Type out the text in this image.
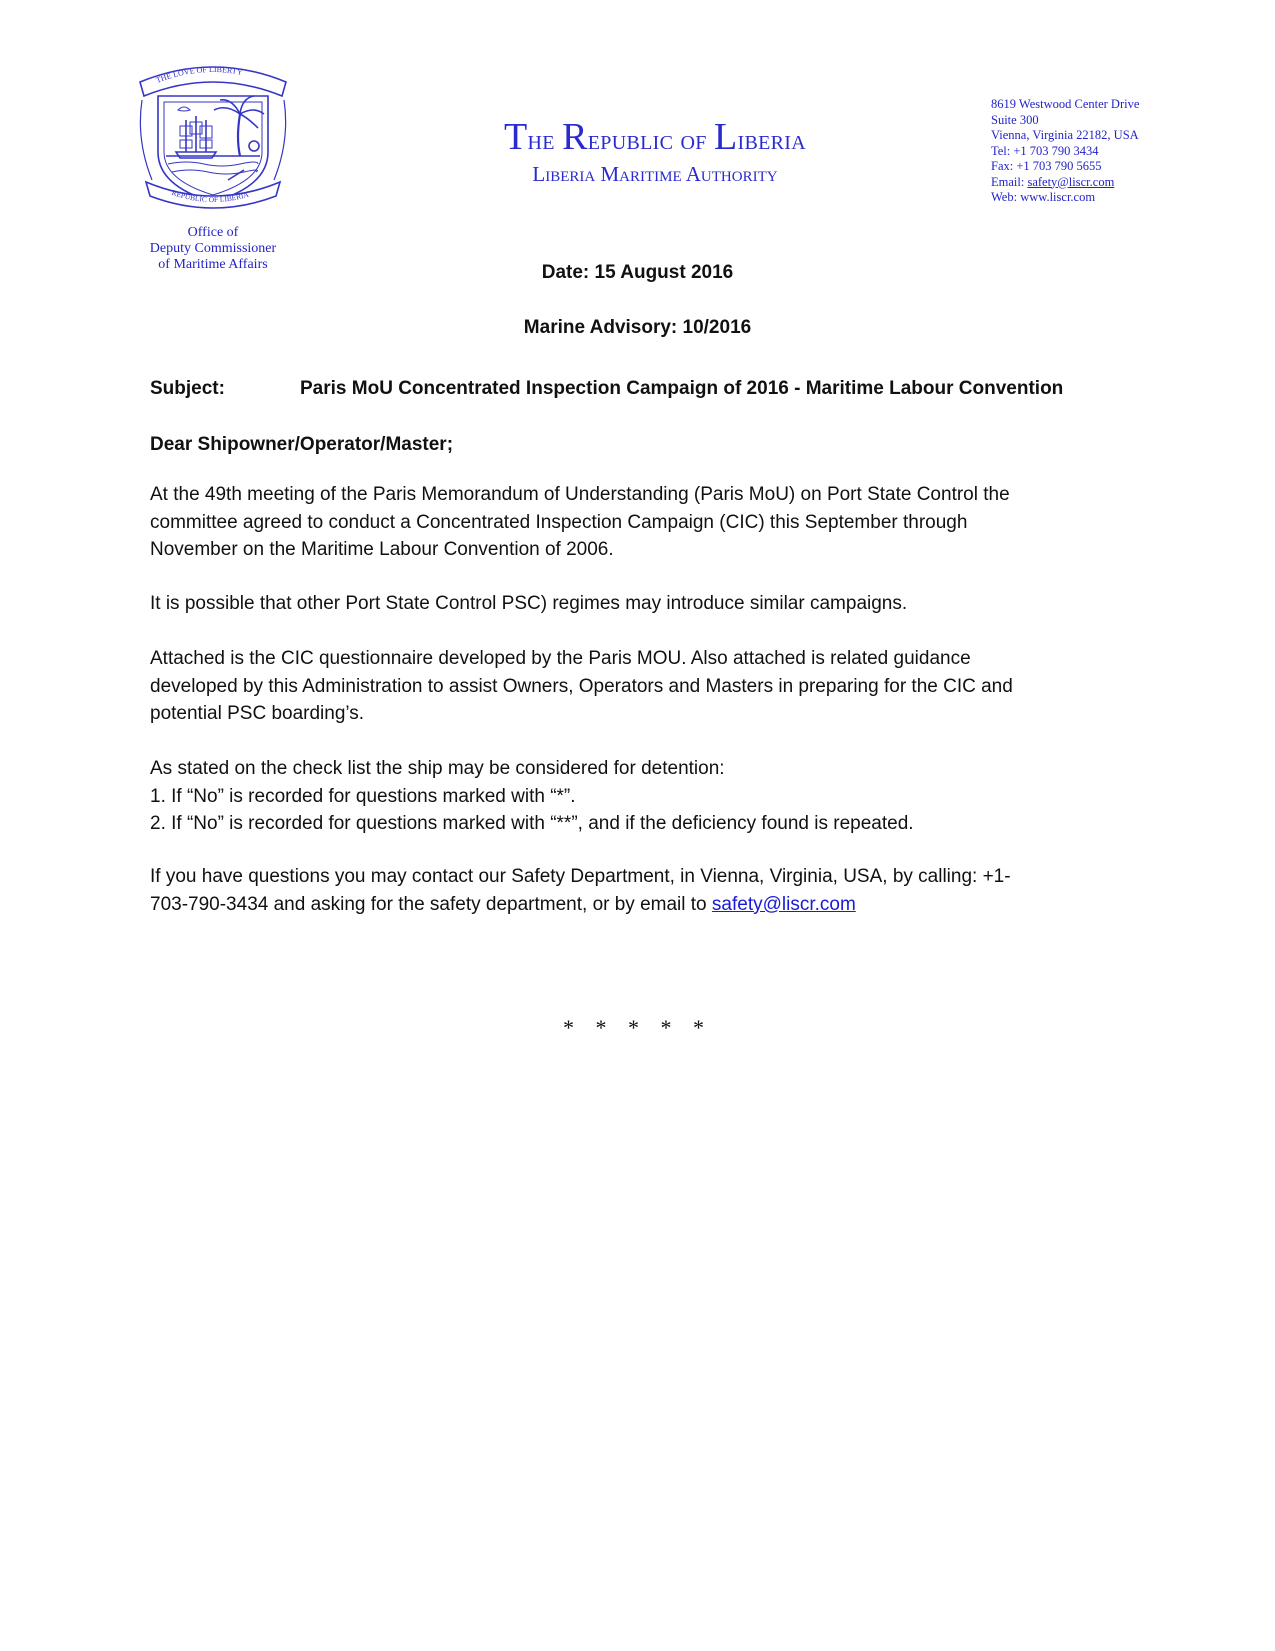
THE LOVE OF LIBERTY
REPUBLIC OF LIBERIA
Office of
Deputy Commissioner
of Maritime Affairs
The Republic of Liberia
Liberia Maritime Authority
8619 Westwood Center Drive
Suite 300
Vienna, Virginia 22182, USA
Tel: +1 703 790 3434
Fax: +1 703 790 5655
Email: safety@liscr.com
Web: www.liscr.com
Date: 15 August 2016
Marine Advisory: 10/2016
Subject:	Paris MoU Concentrated Inspection Campaign of 2016 - Maritime Labour Convention
Dear Shipowner/Operator/Master;
At the 49th meeting of the Paris Memorandum of Understanding (Paris MoU) on Port State Control the
committee agreed to conduct a Concentrated Inspection Campaign (CIC) this September through
November on the Maritime Labour Convention of 2006.
It is possible that other Port State Control PSC) regimes may introduce similar campaigns.
Attached is the CIC questionnaire developed by the Paris MOU. Also attached is related guidance
developed by this Administration to assist Owners, Operators and Masters in preparing for the CIC and
potential PSC boarding’s.
As stated on the check list the ship may be considered for detention:
1. If “No” is recorded for questions marked with “*”.
2. If “No” is recorded for questions marked with “**”, and if the deficiency found is repeated.
If you have questions you may contact our Safety Department, in Vienna, Virginia, USA, by calling: +1-
703-790-3434 and asking for the safety department, or by email to safety@liscr.com
* * * * *
